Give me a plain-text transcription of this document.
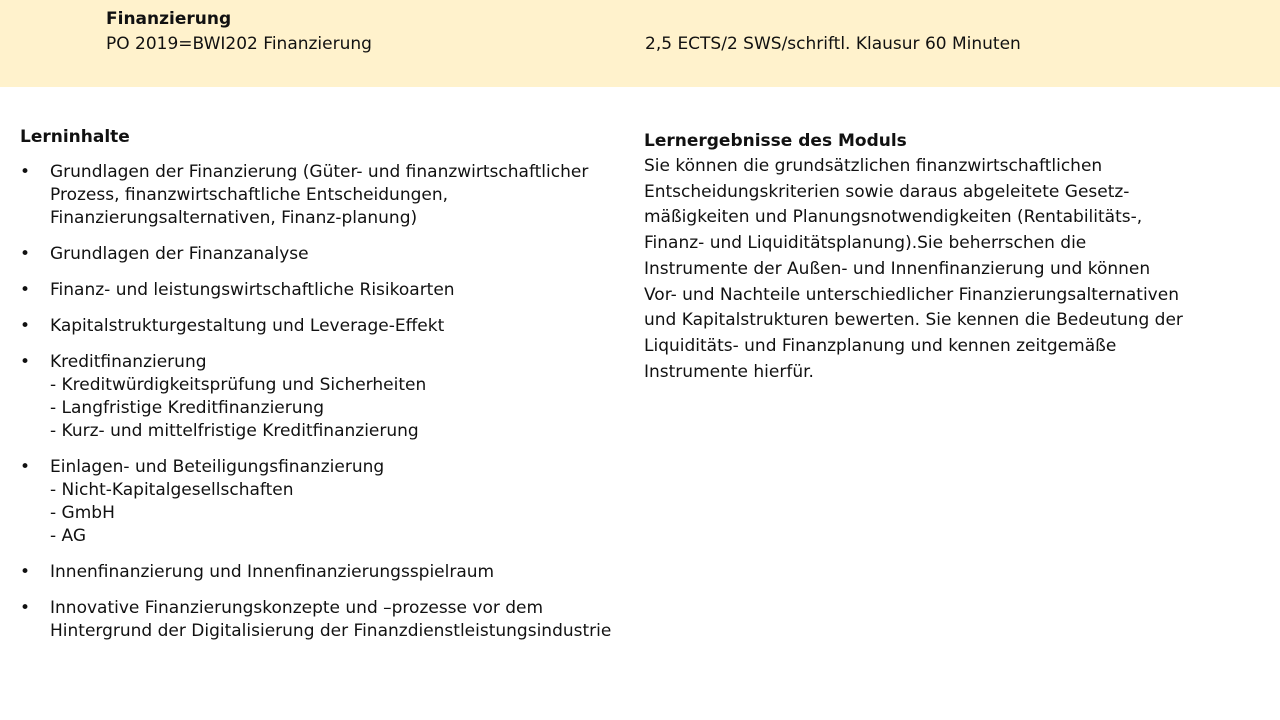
Finanzierung
PO 2019=BWI202 Finanzierung	2,5 ECTS/2 SWS/schriftl. Klausur 60 Minuten
Lerninhalte
• Grundlagen der Finanzierung (Güter- und finanzwirtschaftlicher
Prozess, finanzwirtschaftliche Entscheidungen,
Finanzierungsalternativen, Finanz-planung)
• Grundlagen der Finanzanalyse
• Finanz- und leistungswirtschaftliche Risikoarten
• Kapitalstrukturgestaltung und Leverage-Effekt
• Kreditfinanzierung
- Kreditwürdigkeitsprüfung und Sicherheiten
- Langfristige Kreditfinanzierung
- Kurz- und mittelfristige Kreditfinanzierung
• Einlagen- und Beteiligungsfinanzierung
- Nicht-Kapitalgesellschaften
- GmbH
- AG
• Innenfinanzierung und Innenfinanzierungsspielraum
• Innovative Finanzierungskonzepte und –prozesse vor dem
Hintergrund der Digitalisierung der Finanzdienstleistungsindustrie
Lernergebnisse des Moduls
Sie können die grundsätzlichen finanzwirtschaftlichen
Entscheidungskriterien sowie daraus abgeleitete Gesetz-
mäßigkeiten und Planungsnotwendigkeiten (Rentabilitäts-,
Finanz- und Liquiditätsplanung).Sie beherrschen die
Instrumente der Außen- und Innenfinanzierung und können
Vor- und Nachteile unterschiedlicher Finanzierungsalternativen
und Kapitalstrukturen bewerten. Sie kennen die Bedeutung der
Liquiditäts- und Finanzplanung und kennen zeitgemäße
Instrumente hierfür.
